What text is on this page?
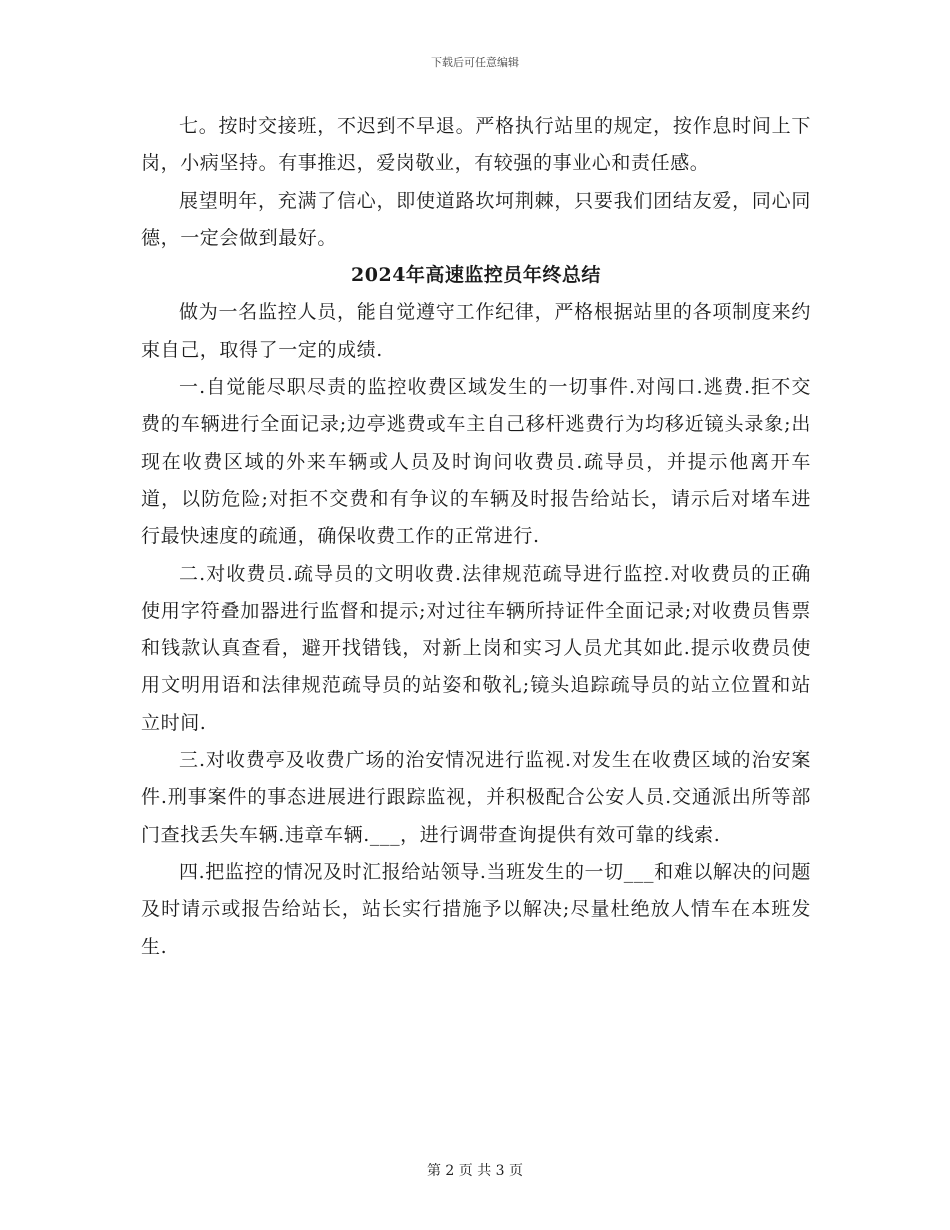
下载后可任意编辑

七。按时交接班，不迟到不早退。严格执行站里的规定，按作息时间上下岗，小病坚持。有事推迟，爱岗敬业，有较强的事业心和责任感。

展望明年，充满了信心，即使道路坎坷荆棘，只要我们团结友爱，同心同德，一定会做到最好。

2024年高速监控员年终总结

做为一名监控人员，能自觉遵守工作纪律，严格根据站里的各项制度来约束自己，取得了一定的成绩.

一.自觉能尽职尽责的监控收费区域发生的一切事件.对闯口.逃费.拒不交费的车辆进行全面记录;边亭逃费或车主自己移杆逃费行为均移近镜头录象;出现在收费区域的外来车辆或人员及时询问收费员.疏导员，并提示他离开车道，以防危险;对拒不交费和有争议的车辆及时报告给站长，请示后对堵车进行最快速度的疏通，确保收费工作的正常进行.

二.对收费员.疏导员的文明收费.法律规范疏导进行监控.对收费员的正确使用字符叠加器进行监督和提示;对过往车辆所持证件全面记录;对收费员售票和钱款认真查看，避开找错钱，对新上岗和实习人员尤其如此.提示收费员使用文明用语和法律规范疏导员的站姿和敬礼;镜头追踪疏导员的站立位置和站立时间.

三.对收费亭及收费广场的治安情况进行监视.对发生在收费区域的治安案件.刑事案件的事态进展进行跟踪监视，并积极配合公安人员.交通派出所等部门查找丢失车辆.违章车辆.___，进行调带查询提供有效可靠的线索.

四.把监控的情况及时汇报给站领导.当班发生的一切___和难以解决的问题及时请示或报告给站长，站长实行措施予以解决;尽量杜绝放人情车在本班发生.

第 2 页 共 3 页
